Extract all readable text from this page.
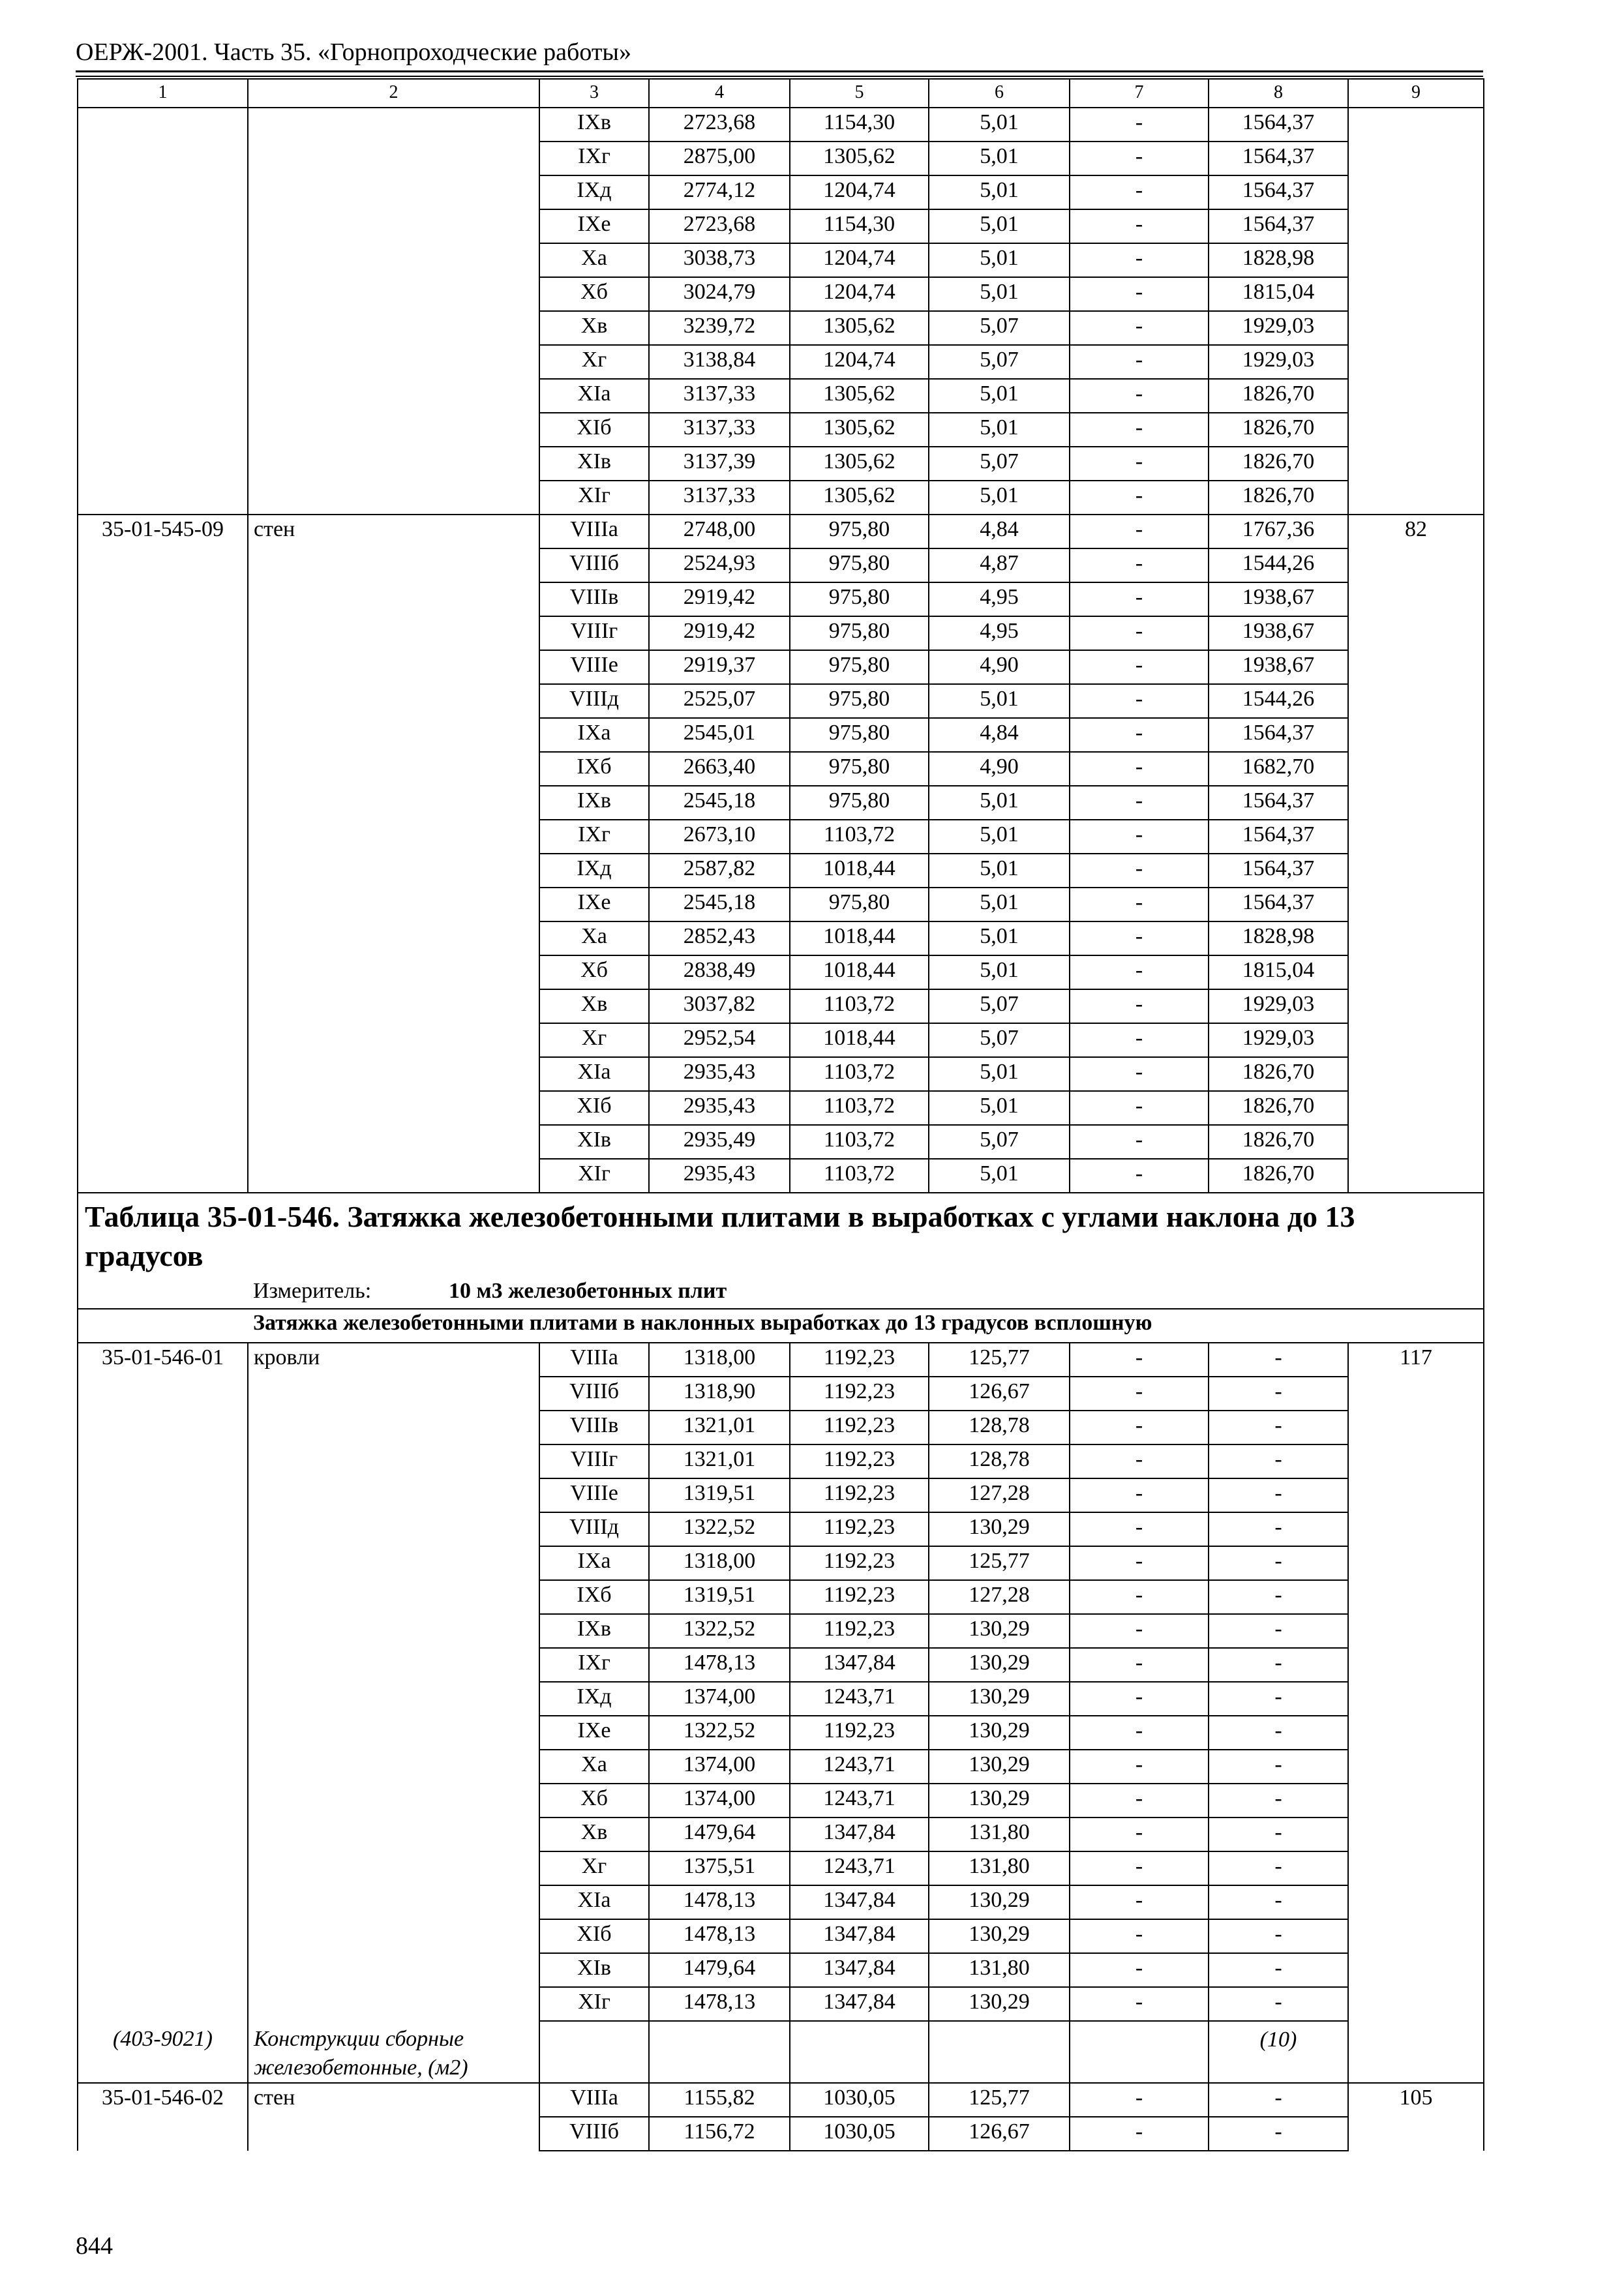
ОЕРЖ-2001. Часть 35. «Горнопроходческие работы»
1	2	3	4	5	6	7	8	9
		IXв	2723,68	1154,30	5,01	-	1564,37	
		IXг	2875,00	1305,62	5,01	-	1564,37	
		IXд	2774,12	1204,74	5,01	-	1564,37	
		IXе	2723,68	1154,30	5,01	-	1564,37	
		Xа	3038,73	1204,74	5,01	-	1828,98	
		Xб	3024,79	1204,74	5,01	-	1815,04	
		Xв	3239,72	1305,62	5,07	-	1929,03	
		Xг	3138,84	1204,74	5,07	-	1929,03	
		XIа	3137,33	1305,62	5,01	-	1826,70	
		XIб	3137,33	1305,62	5,01	-	1826,70	
		XIв	3137,39	1305,62	5,07	-	1826,70	
		XIг	3137,33	1305,62	5,01	-	1826,70	
35-01-545-09	стен	VIIIа	2748,00	975,80	4,84	-	1767,36	82
		VIIIб	2524,93	975,80	4,87	-	1544,26	
		VIIIв	2919,42	975,80	4,95	-	1938,67	
		VIIIг	2919,42	975,80	4,95	-	1938,67	
		VIIIе	2919,37	975,80	4,90	-	1938,67	
		VIIIд	2525,07	975,80	5,01	-	1544,26	
		IXа	2545,01	975,80	4,84	-	1564,37	
		IXб	2663,40	975,80	4,90	-	1682,70	
		IXв	2545,18	975,80	5,01	-	1564,37	
		IXг	2673,10	1103,72	5,01	-	1564,37	
		IXд	2587,82	1018,44	5,01	-	1564,37	
		IXе	2545,18	975,80	5,01	-	1564,37	
		Xа	2852,43	1018,44	5,01	-	1828,98	
		Xб	2838,49	1018,44	5,01	-	1815,04	
		Xв	3037,82	1103,72	5,07	-	1929,03	
		Xг	2952,54	1018,44	5,07	-	1929,03	
		XIа	2935,43	1103,72	5,01	-	1826,70	
		XIб	2935,43	1103,72	5,01	-	1826,70	
		XIв	2935,49	1103,72	5,07	-	1826,70	
		XIг	2935,43	1103,72	5,01	-	1826,70	
Таблица 35-01-546. Затяжка железобетонными плитами в выработках с углами наклона до 13 градусов								
Измеритель: 10 м3 железобетонных плит								
	Затяжка железобетонными плитами в наклонных выработках до 13 градусов всплошную							
35-01-546-01	кровли	VIIIа	1318,00	1192,23	125,77	-	-	117
		VIIIб	1318,90	1192,23	126,67	-	-	
		VIIIв	1321,01	1192,23	128,78	-	-	
		VIIIг	1321,01	1192,23	128,78	-	-	
		VIIIе	1319,51	1192,23	127,28	-	-	
		VIIIд	1322,52	1192,23	130,29	-	-	
		IXа	1318,00	1192,23	125,77	-	-	
		IXб	1319,51	1192,23	127,28	-	-	
		IXв	1322,52	1192,23	130,29	-	-	
		IXг	1478,13	1347,84	130,29	-	-	
		IXд	1374,00	1243,71	130,29	-	-	
		IXе	1322,52	1192,23	130,29	-	-	
		Xа	1374,00	1243,71	130,29	-	-	
		Xб	1374,00	1243,71	130,29	-	-	
		Xв	1479,64	1347,84	131,80	-	-	
		Xг	1375,51	1243,71	131,80	-	-	
		XIа	1478,13	1347,84	130,29	-	-	
		XIб	1478,13	1347,84	130,29	-	-	
		XIв	1479,64	1347,84	131,80	-	-	
		XIг	1478,13	1347,84	130,29	-	-	
(403-9021)	Конструкции сборные железобетонные, (м2)						(10)	
35-01-546-02	стен	VIIIа	1155,82	1030,05	125,77	-	-	105
		VIIIб	1156,72	1030,05	126,67	-	-	
844
